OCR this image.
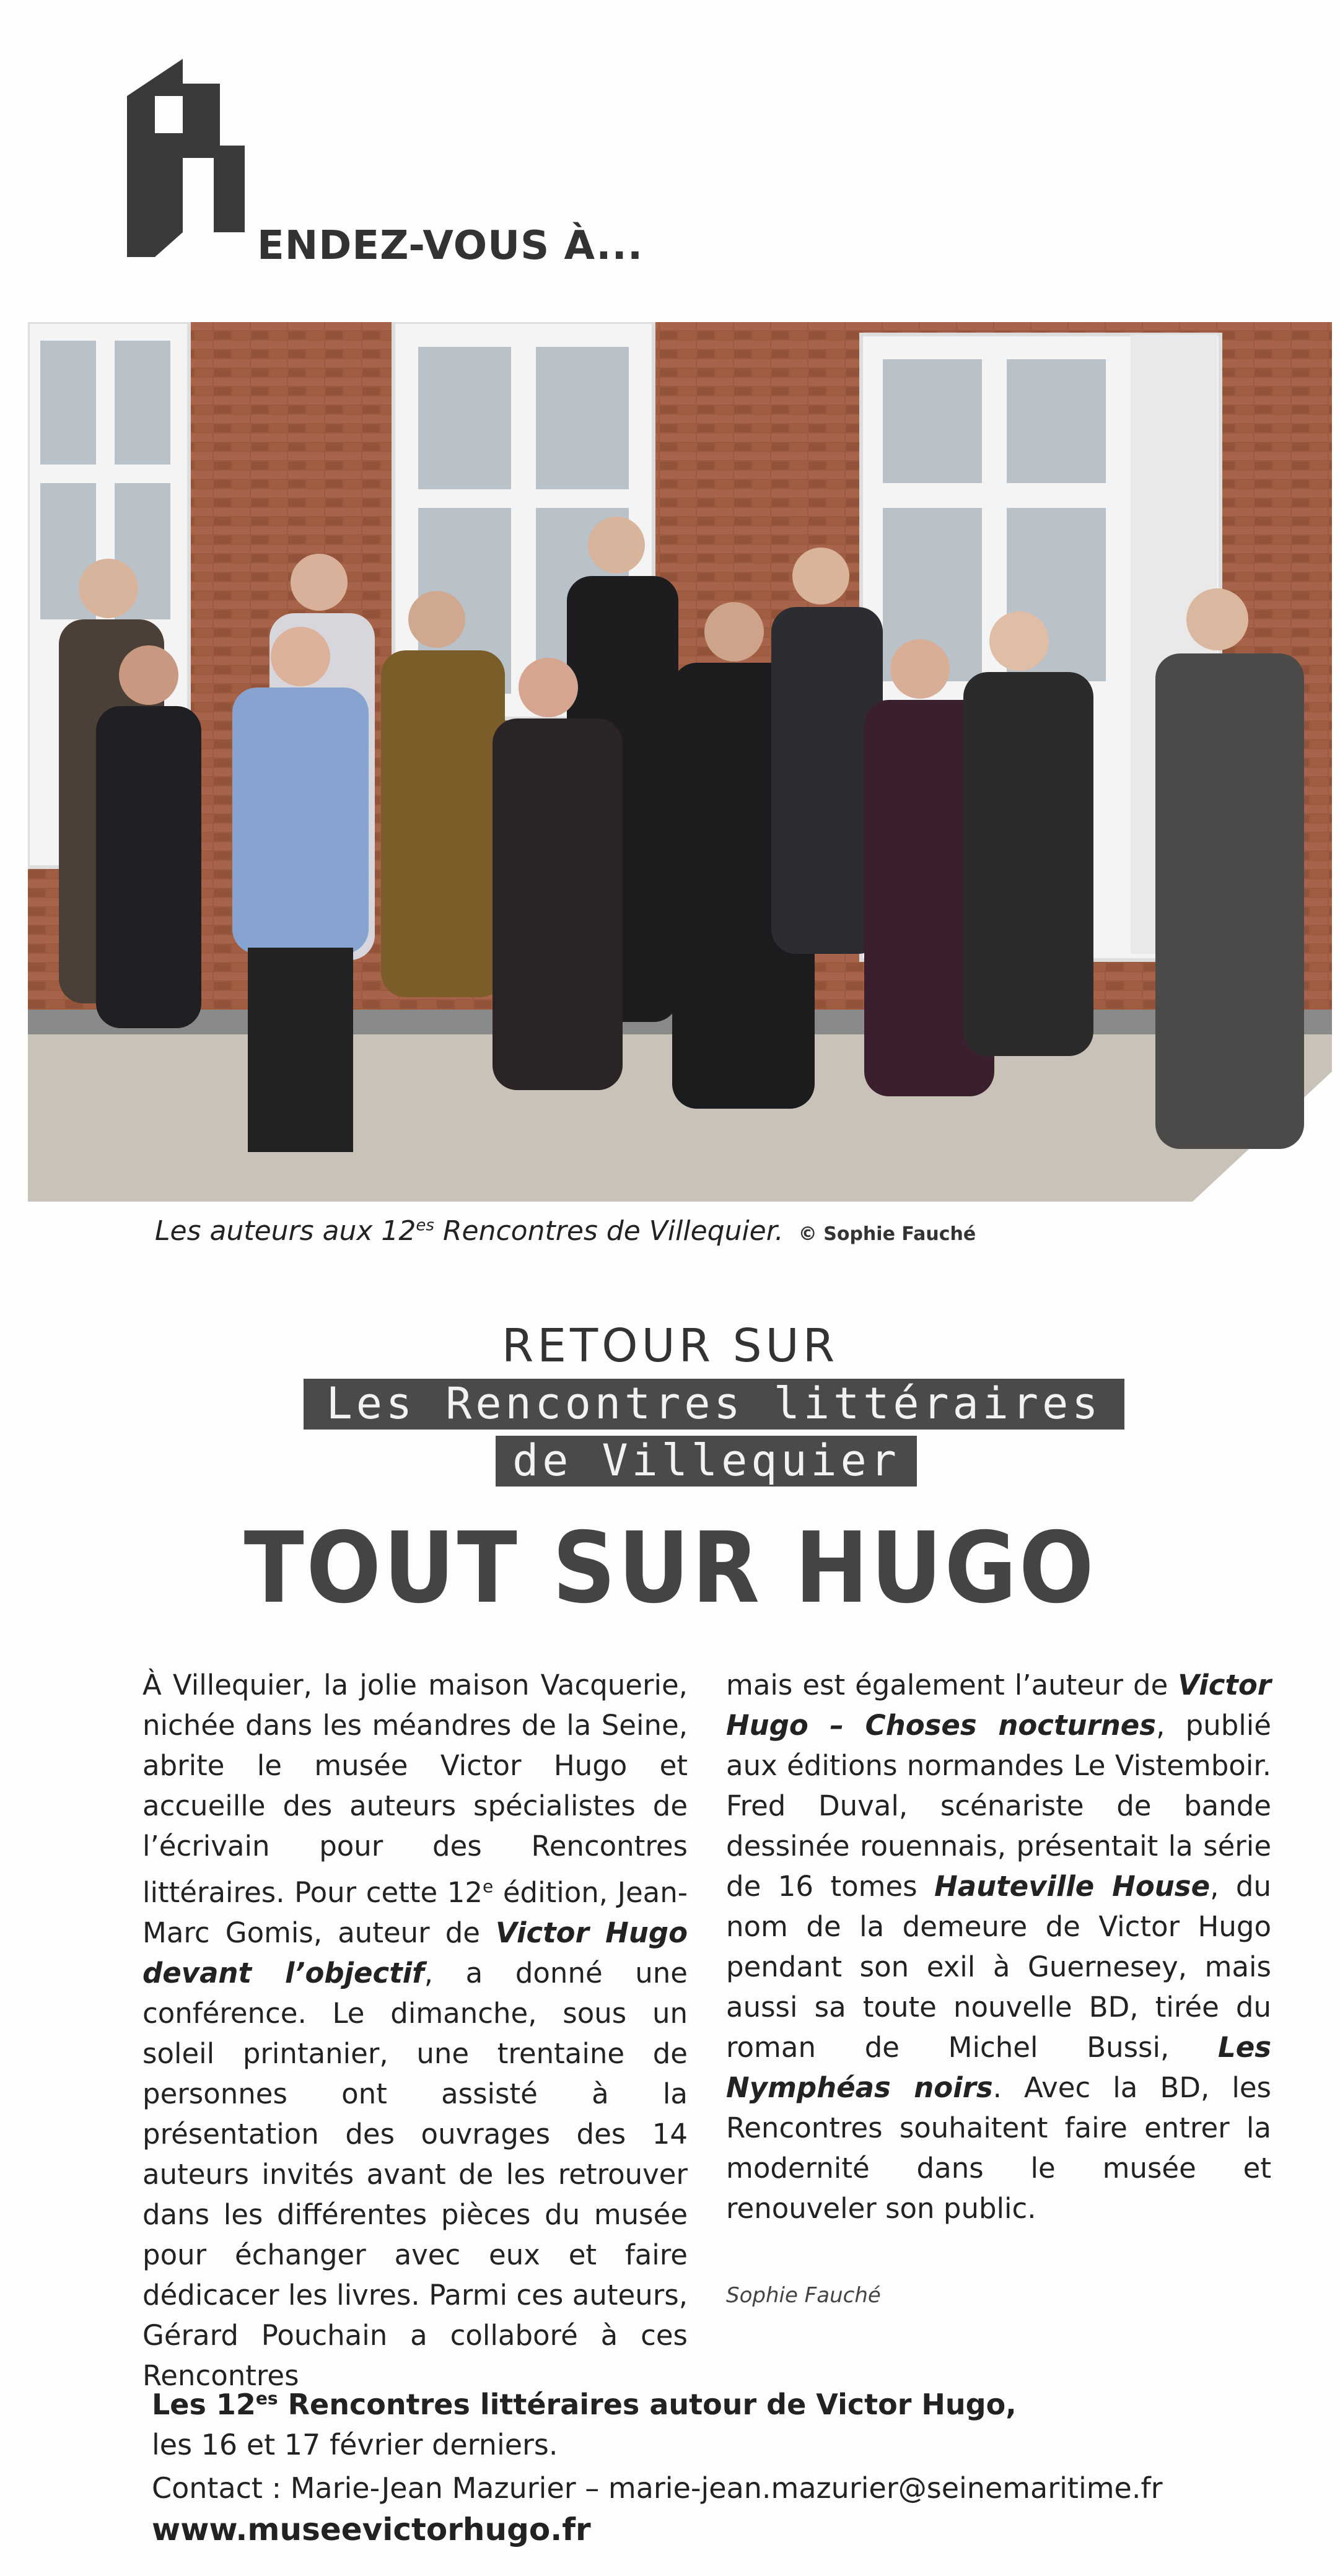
ENDEZ-VOUS À...
Les auteurs aux $12^{es}$ Rencontres de Villequier. © Sophie Fauché
RETOUR SUR
Les Rencontres littéraires
de Villequier
TOUT SUR HUGO
À Villequier, la jolie maison Vacquerie, nichée dans les méandres de la Seine, abrite le musée Victor Hugo et accueille des auteurs spécialistes de l’écrivain pour des Rencontres littéraires. Pour cette 12e édition, Jean-Marc Gomis, auteur de Victor Hugo devant l’objectif, a donné une conférence. Le dimanche, sous un soleil printanier, une trentaine de personnes ont assisté à la présentation des ouvrages des 14 auteurs invités avant de les retrouver dans les différentes pièces du musée pour échanger avec eux et faire dédicacer les livres. Parmi ces auteurs, Gérard Pouchain a collaboré à ces Rencontres
mais est également l’auteur de Victor Hugo – Choses nocturnes, publié aux éditions normandes Le Vistemboir. Fred Duval, scénariste de bande dessinée rouennais, présentait la série de 16 tomes Hauteville House, du nom de la demeure de Victor Hugo pendant son exil à Guernesey, mais aussi sa toute nouvelle BD, tirée du roman de Michel Bussi, Les Nymphéas noirs. Avec la BD, les Rencontres souhaitent faire entrer la modernité dans le musée et renouveler son public.
Sophie Fauché
Les $12^{es}$ Rencontres littéraires autour de Victor Hugo,
les 16 et 17 février derniers.
Contact : Marie-Jean Mazurier – marie-jean.mazurier@seinemaritime.fr
www.museevictorhugo.fr
